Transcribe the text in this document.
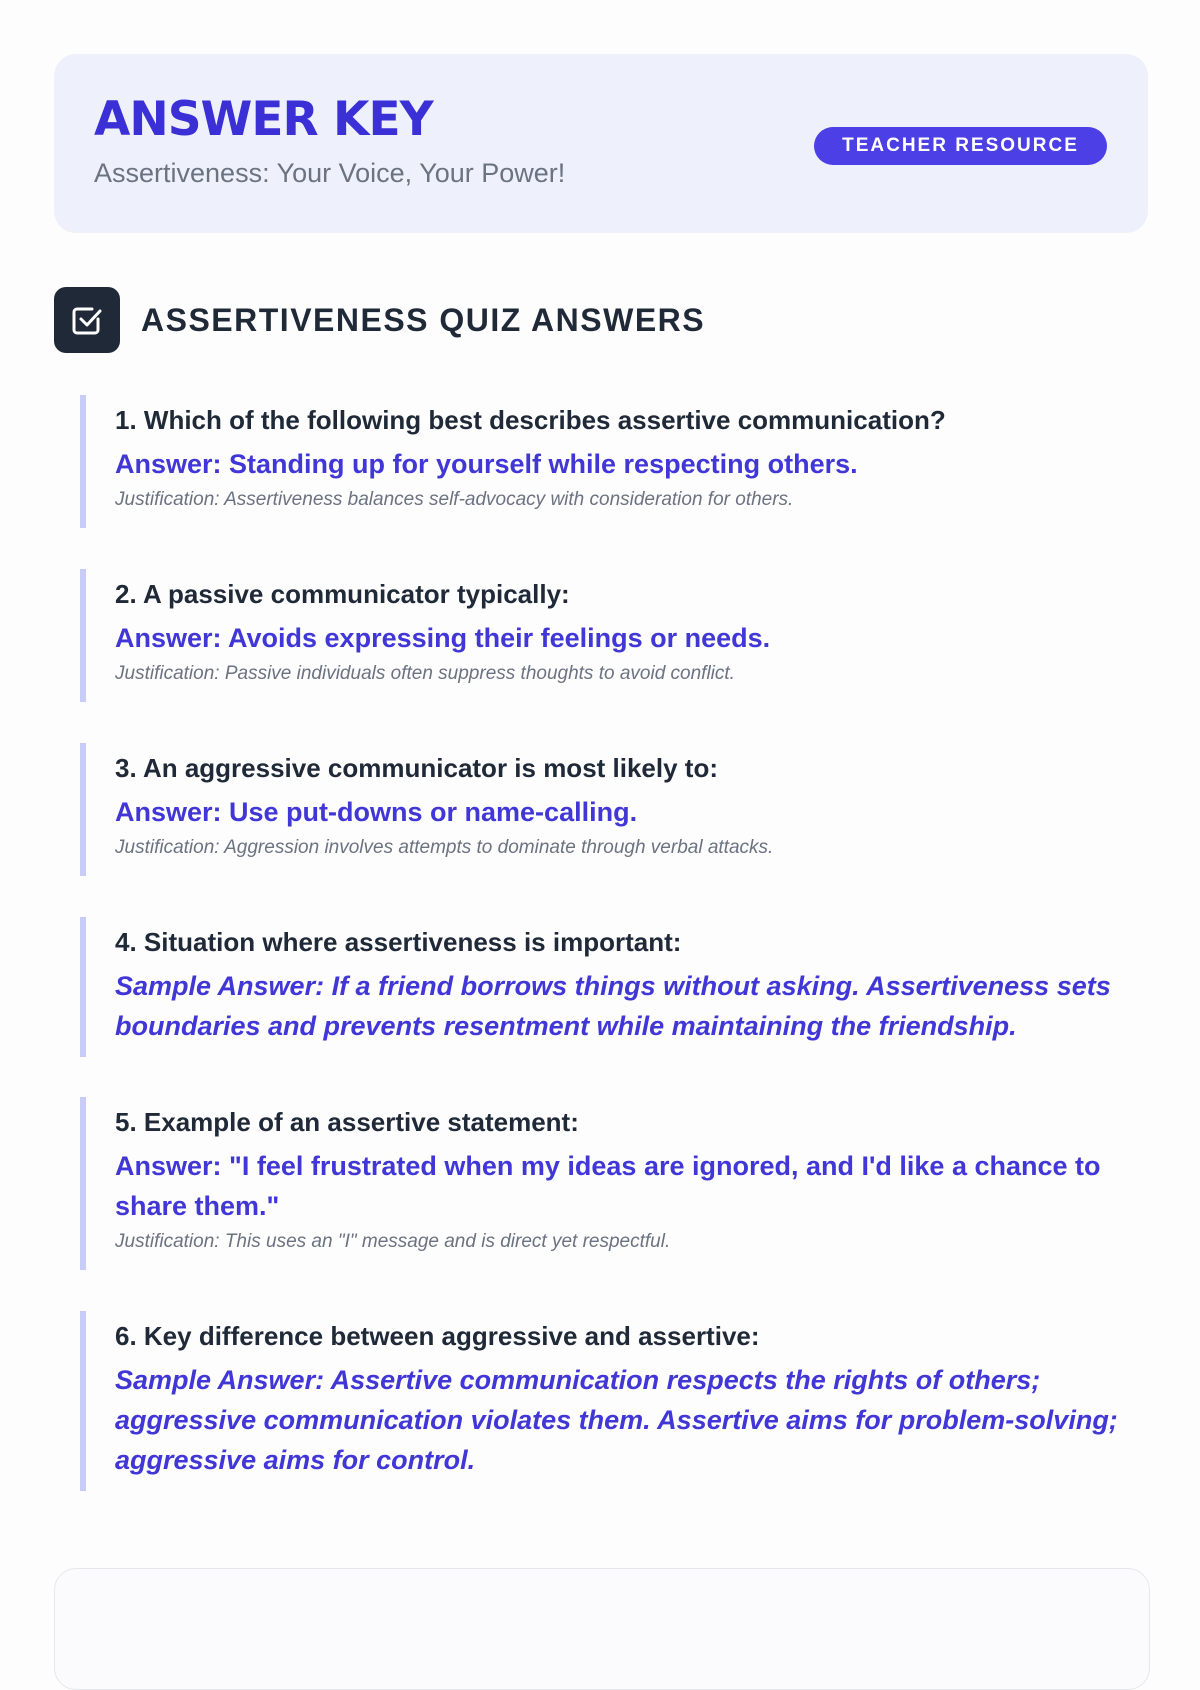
ANSWER KEY
Assertiveness: Your Voice, Your Power!
TEACHER RESOURCE
ASSERTIVENESS QUIZ ANSWERS
1. Which of the following best describes assertive communication?
Answer: Standing up for yourself while respecting others.
Justification: Assertiveness balances self-advocacy with consideration for others.
2. A passive communicator typically:
Answer: Avoids expressing their feelings or needs.
Justification: Passive individuals often suppress thoughts to avoid conflict.
3. An aggressive communicator is most likely to:
Answer: Use put-downs or name-calling.
Justification: Aggression involves attempts to dominate through verbal attacks.
4. Situation where assertiveness is important:
Sample Answer: If a friend borrows things without asking. Assertiveness sets boundaries and prevents resentment while maintaining the friendship.
5. Example of an assertive statement:
Answer: "I feel frustrated when my ideas are ignored, and I'd like a chance to share them."
Justification: This uses an "I" message and is direct yet respectful.
6. Key difference between aggressive and assertive:
Sample Answer: Assertive communication respects the rights of others; aggressive communication violates them. Assertive aims for problem-solving; aggressive aims for control.
